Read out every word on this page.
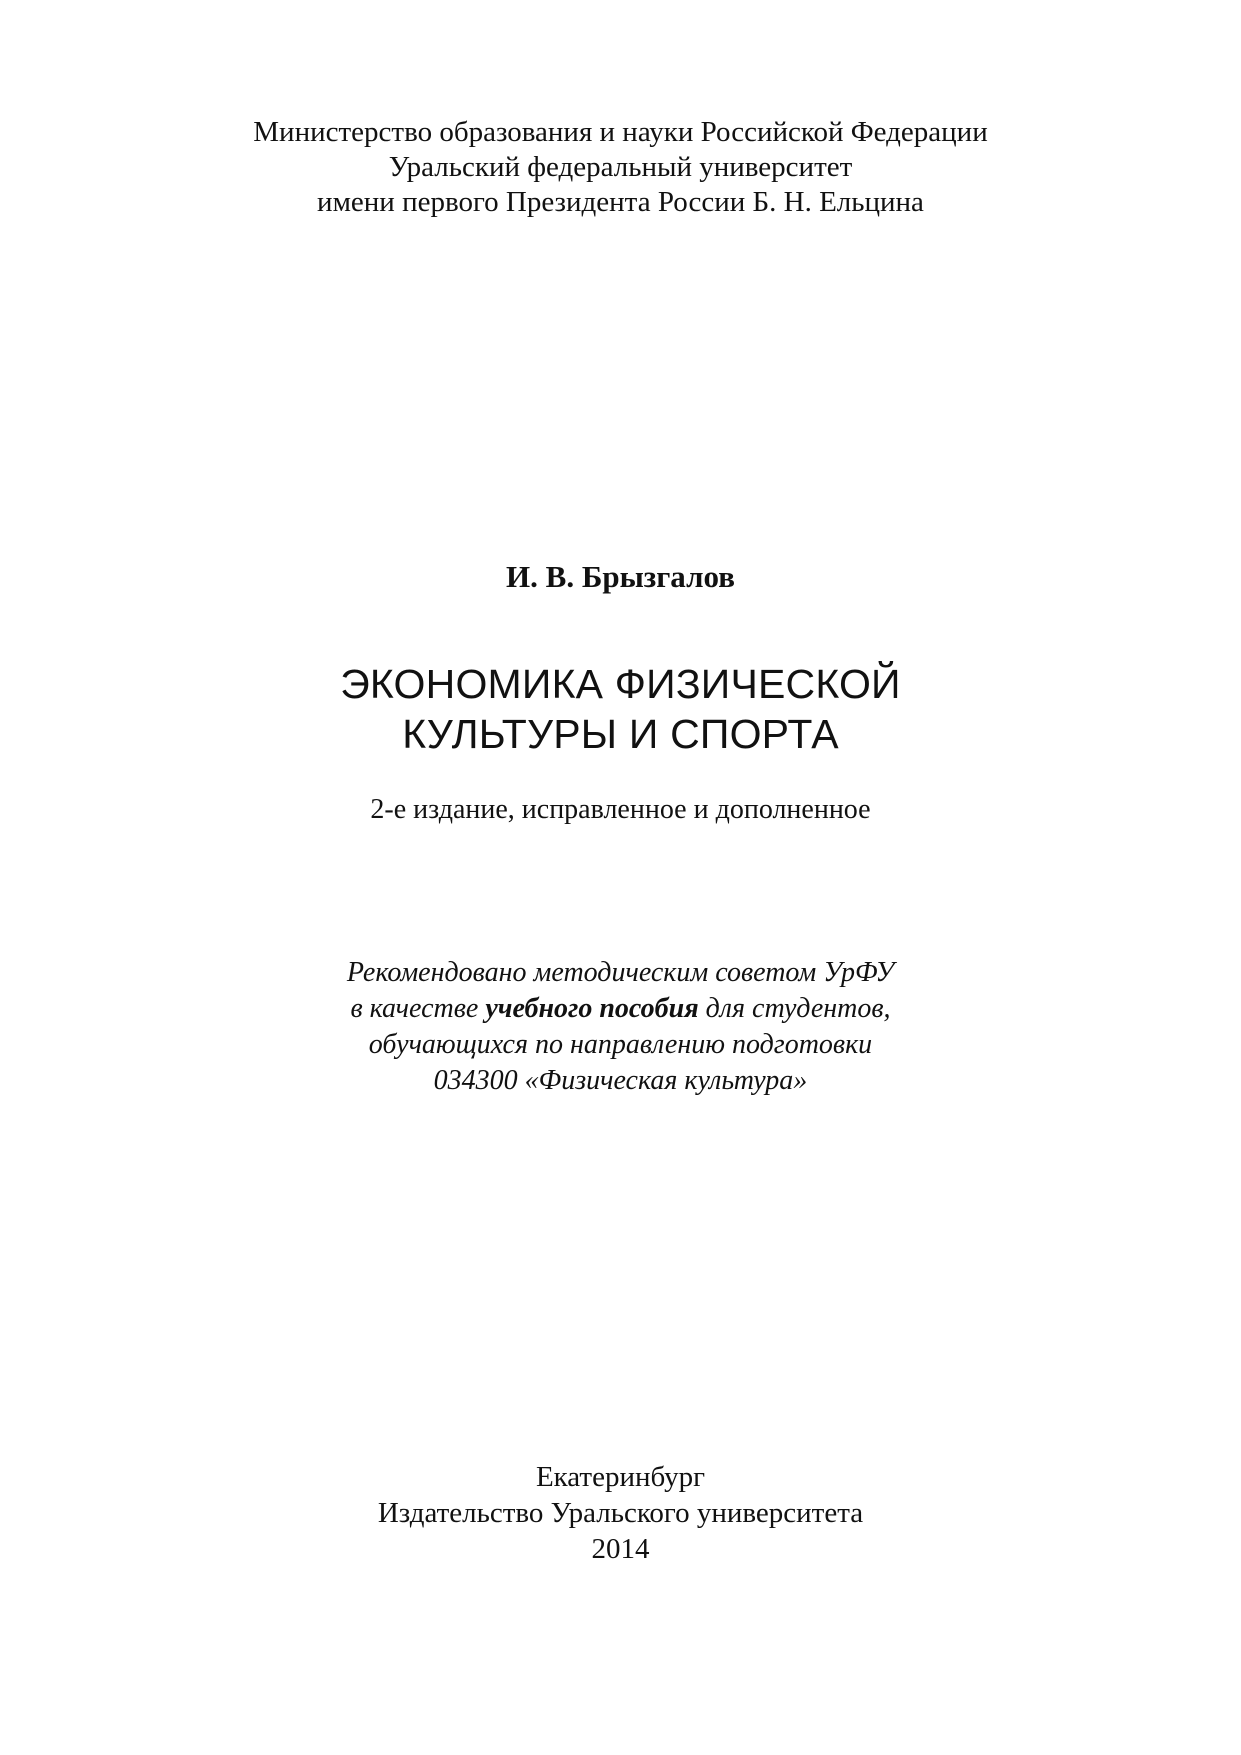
Министерство образования и науки Российской Федерации
Уральский федеральный университет
имени первого Президента России Б. Н. Ельцина
И. В. Брызгалов
ЭКОНОМИКА ФИЗИЧЕСКОЙ
КУЛЬТУРЫ И СПОРТА
2-е издание, исправленное и дополненное
Рекомендовано методическим советом УрФУ
в качестве учебного пособия для студентов,
обучающихся по направлению подготовки
034300 «Физическая культура»
Екатеринбург
Издательство Уральского университета
2014
